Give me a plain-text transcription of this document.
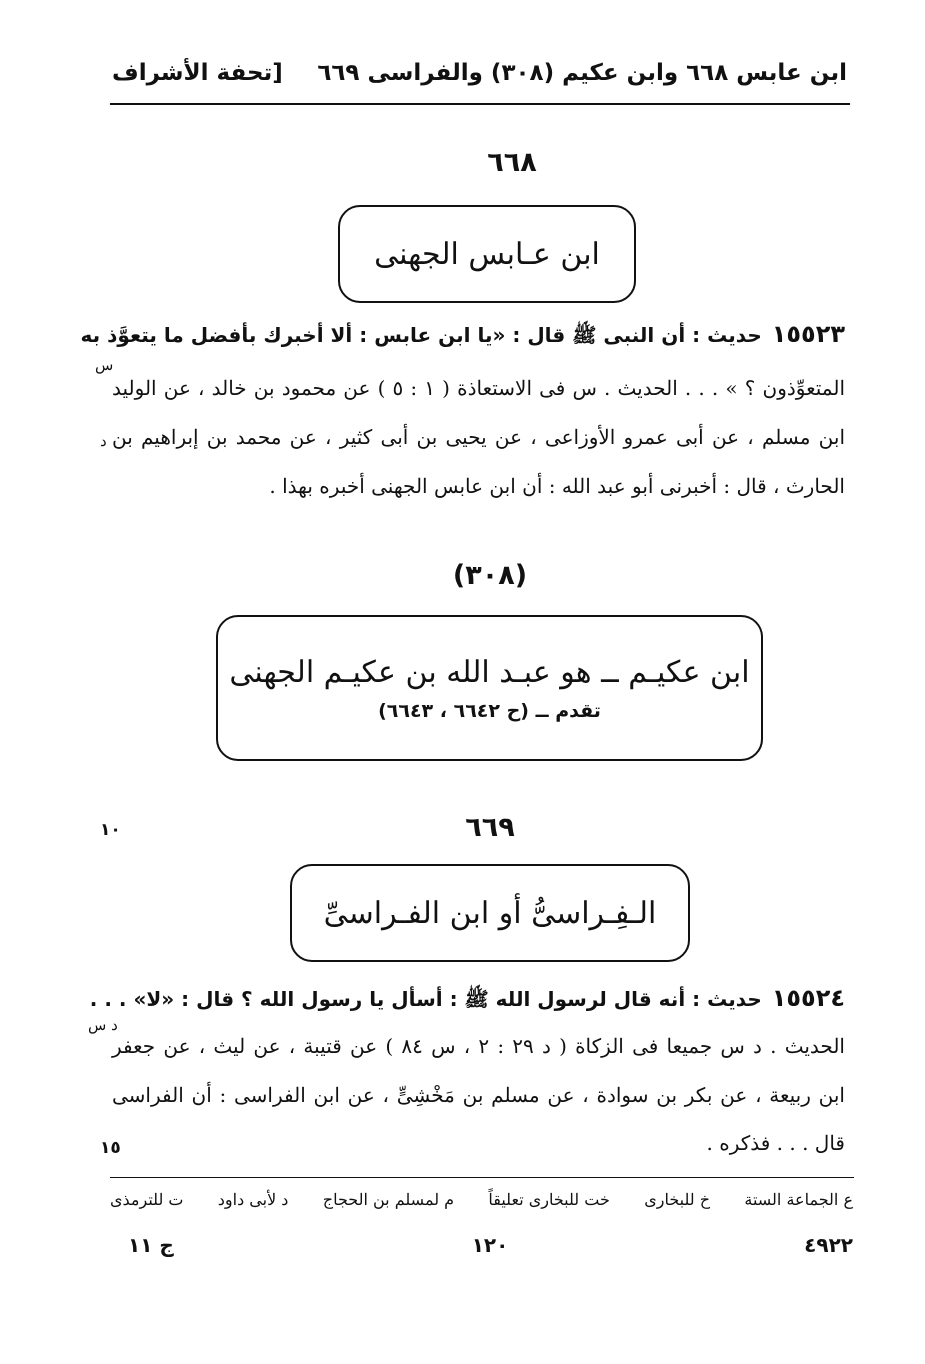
ابن عابس ٦٦٨ وابن عكيم (٣٠٨) والفراسى ٦٦٩
[تحفة الأشراف
٦٦٨
ابن عـابس الجهنى
١٥٥٢٣حديث : أن النبى ﷺ قال : «يا ابن عابس : ألا أخبرك بأفضل ما يتعوَّذ به
س
المتعوِّذون ؟ » . . . الحديث . س فى الاستعاذة ( ١ : ٥ ) عن محمود بن خالد ، عن الوليد
ابن مسلم ، عن أبى عمرو الأوزاعى ، عن يحيى بن أبى كثير ، عن محمد بن إبراهيم بن
د
الحارث ، قال : أخبرنى أبو عبد الله : أن ابن عابس الجهنى أخبره بهذا .
(٣٠٨)
ابن عكيـم ــ هو عبـد الله بن عكيـم الجهنى
تقدم ــ (ح ٦٦٤٢ ، ٦٦٤٣)
١٠	٦٦٩
الـفِـراسىُّ أو ابن الفـراسىِّ
١٥٥٢٤حديث : أنه قال لرسول الله ﷺ : أسأل يا رسول الله ؟ قال : «لا» . . .
د س
الحديث . د س جميعا فى الزكاة ( د ٢٩ : ٢ ، س ٨٤ ) عن قتيبة ، عن ليث ، عن جعفر
ابن ربيعة ، عن بكر بن سوادة ، عن مسلم بن مَخْشِىٍّ ، عن ابن الفراسى : أن الفراسى
١٥	قال . . . فذكره .
ع الجماعة الستة
خ للبخارى
خت للبخارى تعليقاً
م لمسلم بن الحجاج
د لأبى داود
ت للترمذى
٤٩٢٢
١٢٠
ج ١١
